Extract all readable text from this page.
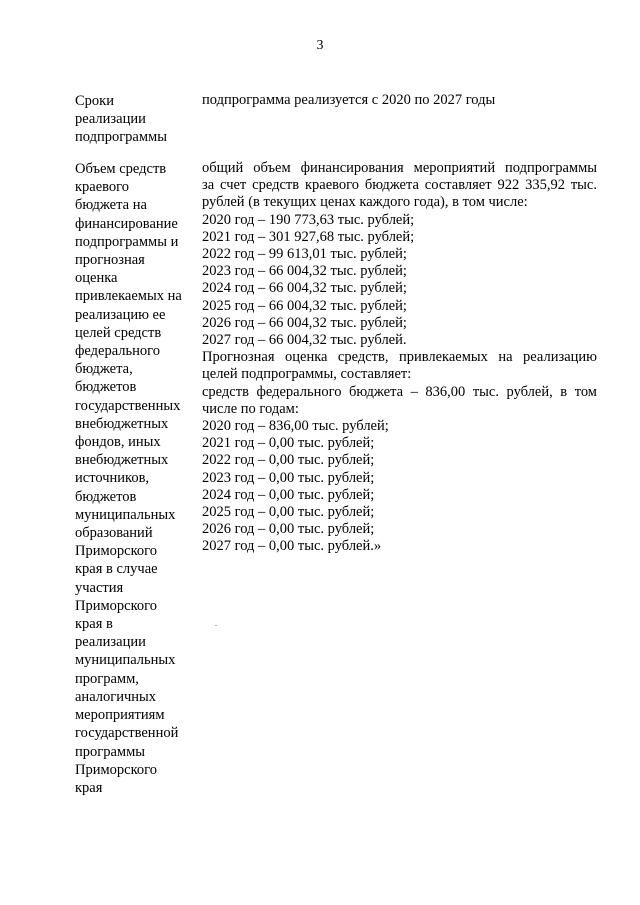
3
Сроки
реализации
подпрограммы
подпрограмма реализуется с 2020 по 2027 годы
Объем средств
краевого
бюджета на
финансирование
подпрограммы и
прогнозная
оценка
привлекаемых на
реализацию ее
целей средств
федерального
бюджета,
бюджетов
государственных
внебюджетных
фондов, иных
внебюджетных
источников,
бюджетов
муниципальных
образований
Приморского
края в случае
участия
Приморского
края в
реализации
муниципальных
программ,
аналогичных
мероприятиям
государственной
программы
Приморского
края
общий объем финансирования мероприятий подпрограммы
за счет средств краевого бюджета составляет 922 335,92 тыс.
рублей (в текущих ценах каждого года), в том числе:
2020 год – 190 773,63 тыс. рублей;
2021 год – 301 927,68 тыс. рублей;
2022 год – 99 613,01 тыс. рублей;
2023 год – 66 004,32 тыс. рублей;
2024 год – 66 004,32 тыс. рублей;
2025 год – 66 004,32 тыс. рублей;
2026 год – 66 004,32 тыс. рублей;
2027 год – 66 004,32 тыс. рублей.
Прогнозная оценка средств, привлекаемых на реализацию
целей подпрограммы, составляет:
средств федерального бюджета – 836,00 тыс. рублей, в том
числе по годам:
2020 год – 836,00 тыс. рублей;
2021 год – 0,00 тыс. рублей;
2022 год – 0,00 тыс. рублей;
2023 год – 0,00 тыс. рублей;
2024 год – 0,00 тыс. рублей;
2025 год – 0,00 тыс. рублей;
2026 год – 0,00 тыс. рублей;
2027 год – 0,00 тыс. рублей.»
